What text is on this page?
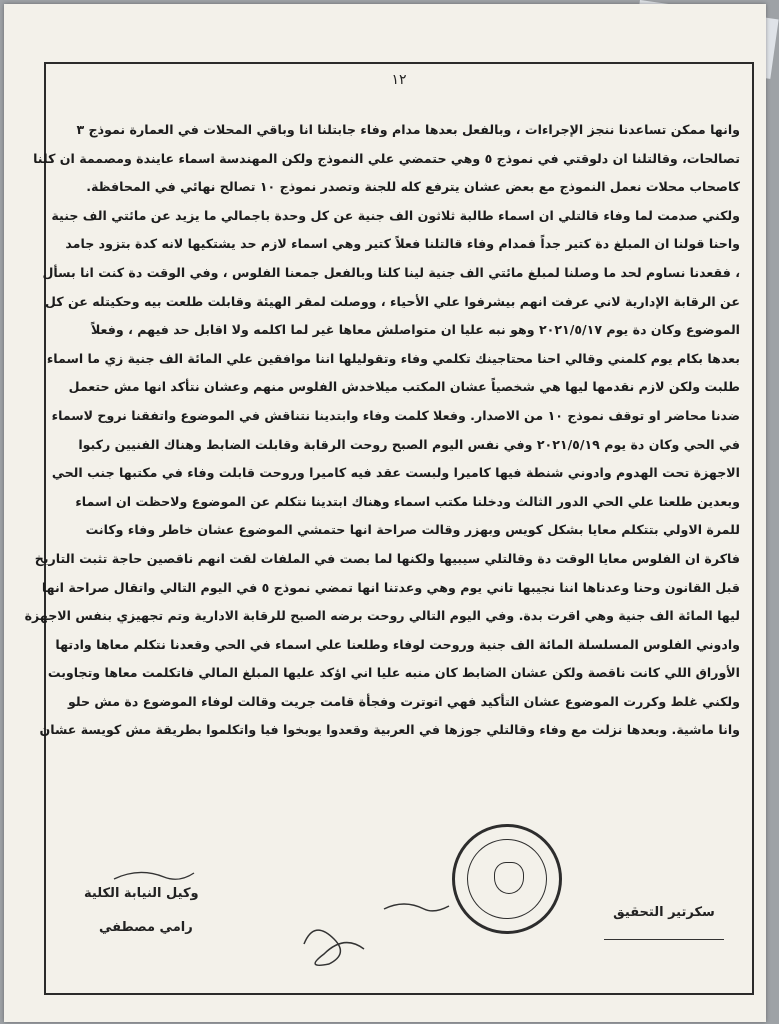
١٢
وانها ممكن تساعدنا ننجز الإجراءات ، وبالفعل بعدها مدام وفاء جابتلنا انا وباقي المحلات في العمارة نموذج ٣
تصالحات، وقالتلنا ان دلوقتي في نموذج ٥ وهي حتمضي علي النموذج ولكن المهندسة اسماء عايندة ومصممة ان كلنا
كاصحاب محلات نعمل النموذج مع بعض عشان يترفع كله للجنة وتصدر نموذج ١٠ تصالح نهائي في المحافظة.
ولكني صدمت لما وفاء قالتلي ان اسماء طالبة ثلاثون الف جنية عن كل وحدة باجمالي ما يزيد عن مائتي الف جنية
واحنا قولنا ان المبلغ دة كتير جداً فمدام وفاء قالتلنا فعلاً كتير وهي اسماء لازم حد يشتكيها لانه كدة بتزود جامد
، فقعدنا نساوم لحد ما وصلنا لمبلغ مائتي الف جنية لينا كلنا وبالفعل جمعنا الفلوس ، وفي الوقت دة كنت انا بسأل
عن الرقابة الإدارية لاني عرفت انهم بيشرفوا علي الأحياء ، ووصلت لمقر الهيئة وقابلت طلعت بيه وحكيتله عن كل
الموضوع وكان دة يوم ٢٠٢١/٥/١٧ وهو نبه عليا ان متواصلش معاها غير لما اكلمه ولا اقابل حد فيهم ، وفعلاً
بعدها بكام يوم كلمني وقالي احنا محتاجينك تكلمي وفاء وتقوليلها اننا موافقين علي المائة الف جنية زي ما اسماء
طلبت ولكن لازم نقدمها ليها هي شخصياً عشان المكتب ميلاخدش الفلوس منهم وعشان نتأكد انها مش حتعمل
ضدنا محاضر او توقف نموذج ١٠ من الاصدار. وفعلا كلمت وفاء وابتدينا نتناقش في الموضوع واتفقنا نروح لاسماء
في الحي وكان دة يوم ٢٠٢١/٥/١٩ وفي نفس اليوم الصبح روحت الرقابة وقابلت الضابط وهناك الفنيين ركبوا
الاجهزة تحت الهدوم وادوني شنطة فيها كاميرا ولبست عقد فيه كاميرا وروحت قابلت وفاء في مكتبها جنب الحي
وبعدين طلعنا علي الحي الدور الثالث ودخلنا مكتب اسماء وهناك ابتدينا نتكلم عن الموضوع ولاحظت ان اسماء
للمرة الاولي بتتكلم معايا بشكل كويس وبهزر وقالت صراحة انها حتمشي الموضوع عشان خاطر وفاء وكانت
فاكرة ان الفلوس معايا الوقت دة وقالتلي سيبيها ولكنها لما بصت في الملفات لقت انهم ناقصين حاجة تثبت التاريخ
قبل القانون وحنا وعدناها اننا نجيبها تاني يوم وهي وعدتنا انها تمضي نموذج ٥ في اليوم التالي واتقال صراحة انها
ليها المائة الف جنية وهي اقرت بدة. وفي اليوم التالي روحت برضه الصبح للرقابة الادارية وتم تجهيزي بنفس الاجهزة
وادوني الفلوس المسلسلة المائة الف جنية وروحت لوفاء وطلعنا علي اسماء في الحي وقعدنا نتكلم معاها وادتها
الأوراق اللي كانت ناقصة ولكن عشان الضابط كان منبه عليا اني اؤكد عليها المبلغ المالي فاتكلمت معاها وتجاوبت
ولكني غلط وكررت الموضوع عشان التأكيد فهي اتوترت وفجأة قامت جريت وقالت لوفاء الموضوع دة مش حلو
وانا ماشية. وبعدها نزلت مع وفاء وقالتلي جوزها في العربية وقعدوا يوبخوا فيا واتكلموا بطريقة مش كويسة عشان
سكرتير التحقيق
وكيل النيابة الكلية
رامي مصطفي
